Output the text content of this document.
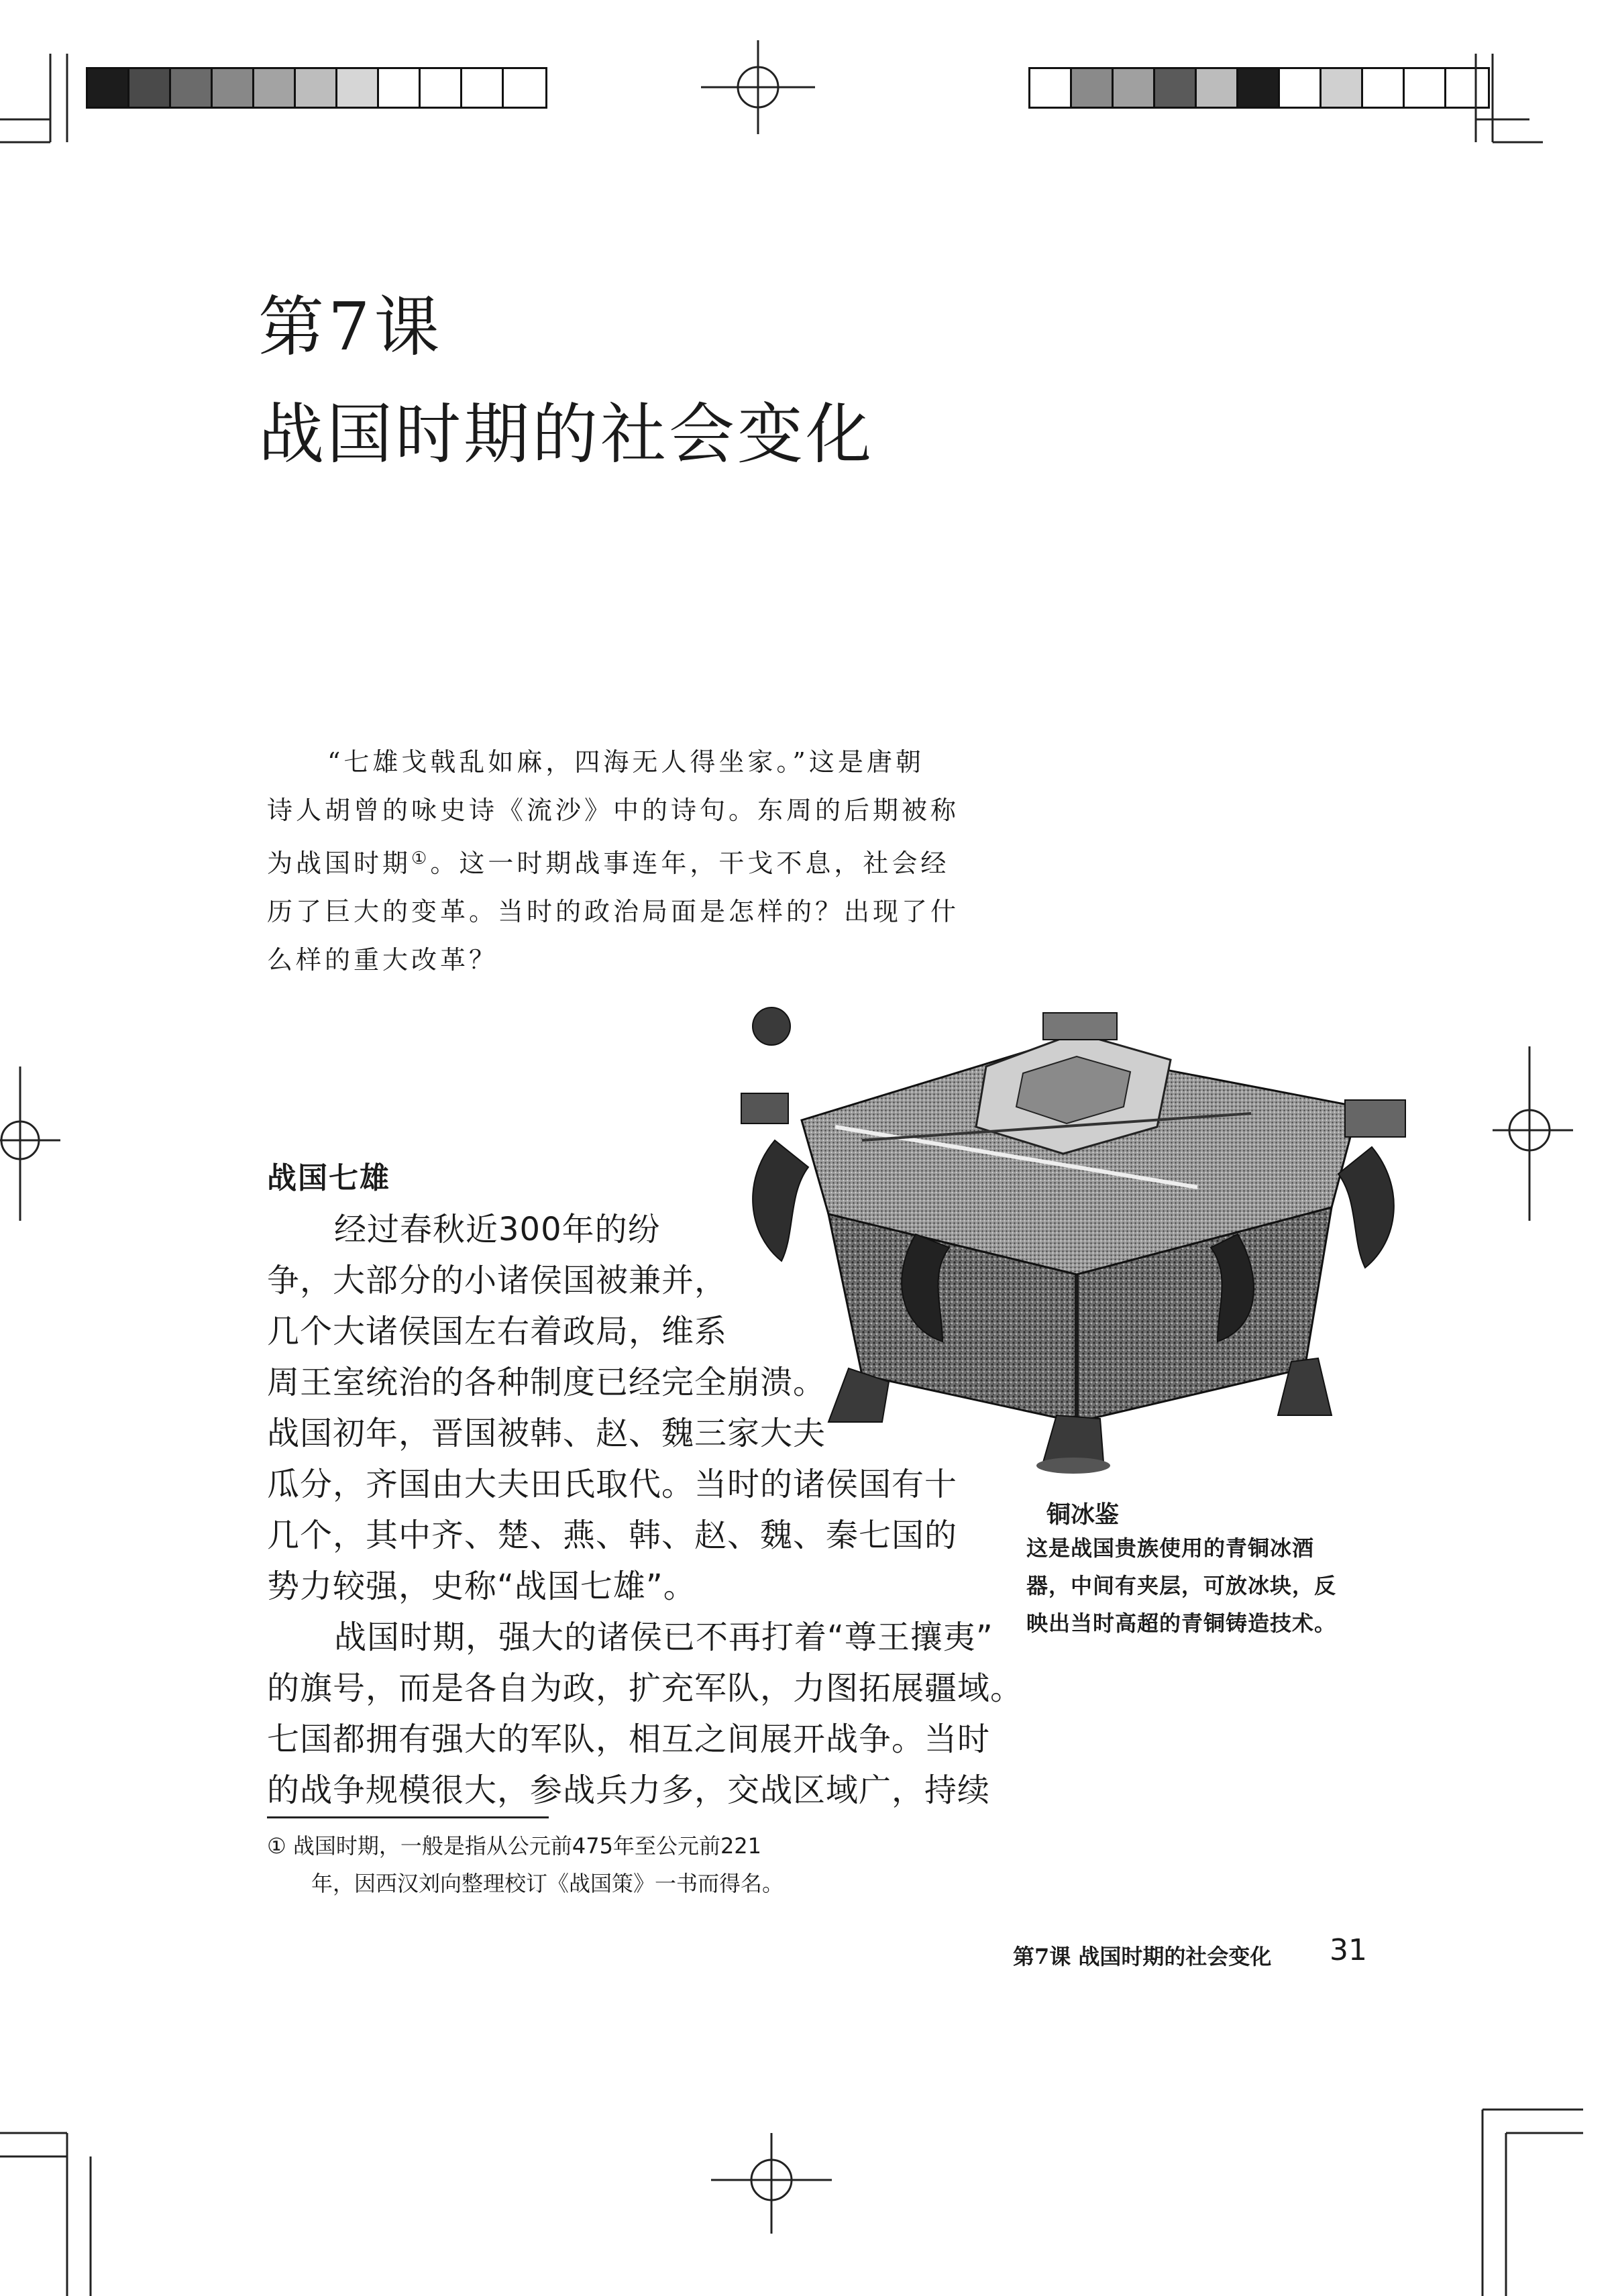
第7课
战国时期的社会变化
“七雄戈戟乱如麻，四海无人得坐家。”这是唐朝
诗人胡曾的咏史诗《流沙》中的诗句。东周的后期被称
为战国时期①。这一时期战事连年，干戈不息，社会经
历了巨大的变革。当时的政治局面是怎样的？出现了什
么样的重大改革？
战国七雄
经过春秋近300年的纷
争，大部分的小诸侯国被兼并，
几个大诸侯国左右着政局，维系
周王室统治的各种制度已经完全崩溃。
战国初年，晋国被韩、赵、魏三家大夫
瓜分，齐国由大夫田氏取代。当时的诸侯国有十
几个，其中齐、楚、燕、韩、赵、魏、秦七国的
势力较强，史称“战国七雄”。
战国时期，强大的诸侯已不再打着“尊王攘夷”
的旗号，而是各自为政，扩充军队，力图拓展疆域。
七国都拥有强大的军队，相互之间展开战争。当时
的战争规模很大，参战兵力多，交战区域广，持续
铜冰鉴
这是战国贵族使用的青铜冰酒
器，中间有夹层，可放冰块，反
映出当时高超的青铜铸造技术。
① 战国时期，一般是指从公元前475年至公元前221
年，因西汉刘向整理校订《战国策》一书而得名。
第7课 战国时期的社会变化 31
